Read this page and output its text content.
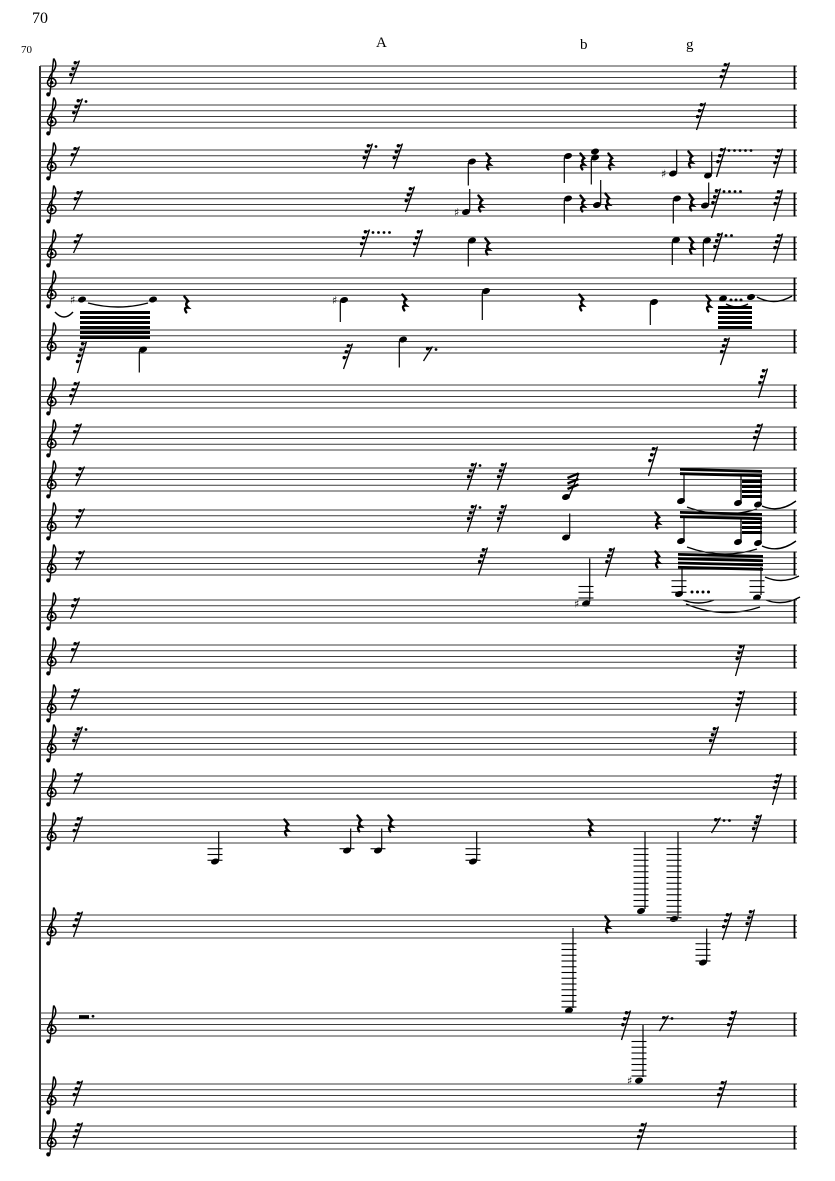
70
70	A	b	g
♯
♯
♯	♯
♯
♯
